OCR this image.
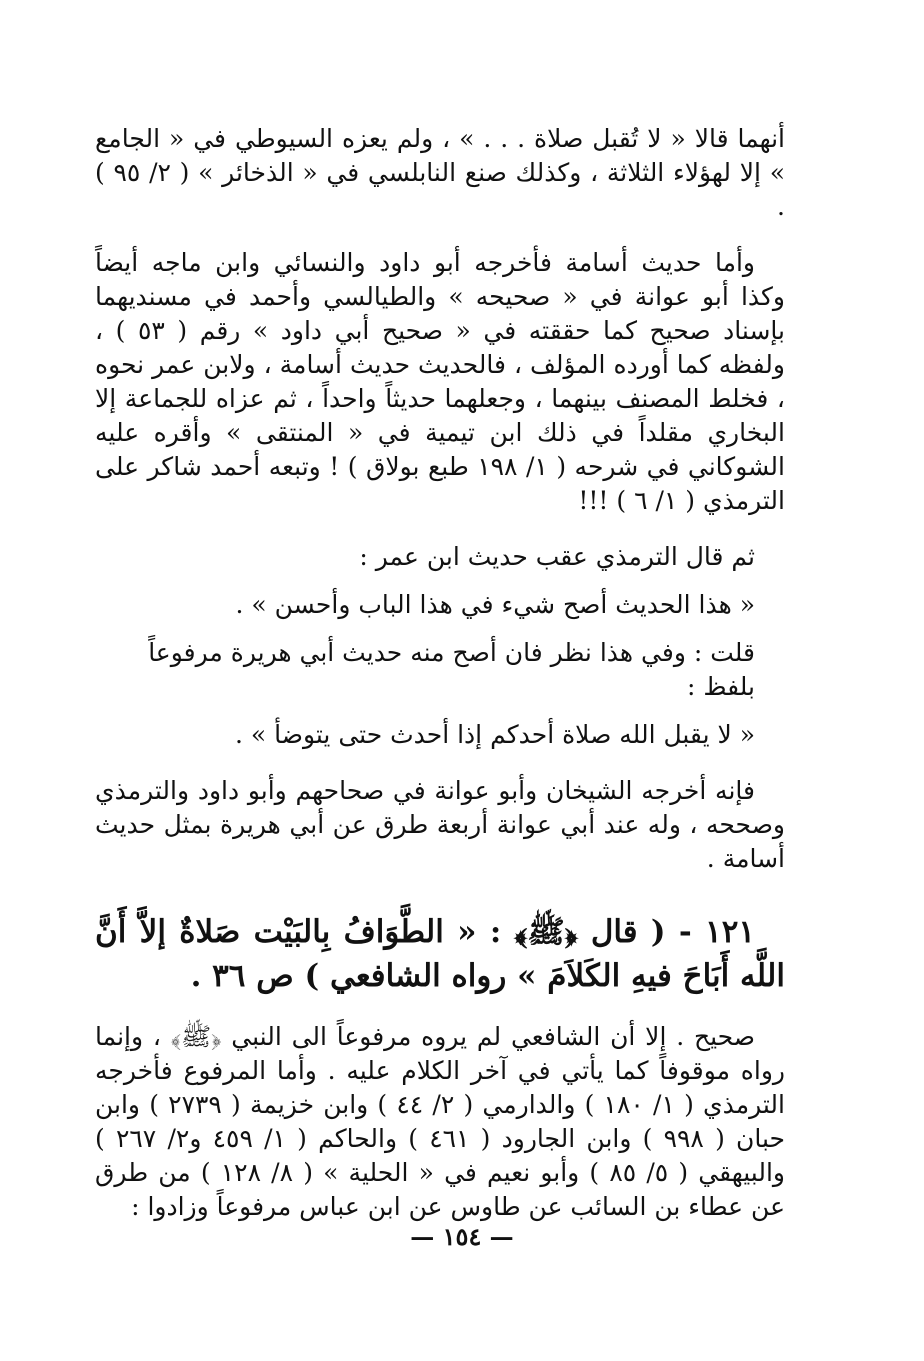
أنهما قالا « لا تُقبل صلاة . . . » ، ولم يعزه السيوطي في « الجامع » إلا لهؤلاء الثلاثة ، وكذلك صنع النابلسي في « الذخائر » ( ٢/ ٩٥ ) .

وأما حديث أسامة فأخرجه أبو داود والنسائي وابن ماجه أيضاً وكذا أبو عوانة في « صحيحه » والطيالسي وأحمد في مسنديهما بإسناد صحيح كما حققته في « صحيح أبي داود » رقم ( ٥٣ ) ، ولفظه كما أورده المؤلف ، فالحديث حديث أسامة ، ولابن عمر نحوه ، فخلط المصنف بينهما ، وجعلهما حديثاً واحداً ، ثم عزاه للجماعة إلا البخاري مقلداً في ذلك ابن تيمية في « المنتقى » وأقره عليه الشوكاني في شرحه ( ١/ ١٩٨ طبع بولاق ) ! وتبعه أحمد شاكر على الترمذي ( ١/ ٦ ) !!!

ثم قال الترمذي عقب حديث ابن عمر :

« هذا الحديث أصح شيء في هذا الباب وأحسن » .

قلت : وفي هذا نظر فان أصح منه حديث أبي هريرة مرفوعاً بلفظ :

« لا يقبل الله صلاة أحدكم إذا أحدث حتى يتوضأ » .

فإنه أخرجه الشيخان وأبو عوانة في صحاحهم وأبو داود والترمذي وصححه ، وله عند أبي عوانة أربعة طرق عن أبي هريرة بمثل حديث أسامة .

١٢١ - ( قال ﴿ﷺ﴾ : « الطَّوَافُ بِالبَيْت صَلاةٌ إلاَّ أَنَّ اللَّه أَبَاحَ فيهِ الكَلاَمَ » رواه الشافعي ) ص ٣٦ .

صحيح . إلا أن الشافعي لم يروه مرفوعاً الى النبي ﴿ﷺ﴾ ، وإنما رواه موقوفاً كما يأتي في آخر الكلام عليه . وأما المرفوع فأخرجه الترمذي ( ١/ ١٨٠ ) والدارمي ( ٢/ ٤٤ ) وابن خزيمة ( ٢٧٣٩ ) وابن حبان ( ٩٩٨ ) وابن الجارود ( ٤٦١ ) والحاكم ( ١/ ٤٥٩ و٢/ ٢٦٧ ) والبيهقي ( ٥/ ٨٥ ) وأبو نعيم في « الحلية » ( ٨/ ١٢٨ ) من طرق عن عطاء بن السائب عن طاوس عن ابن عباس مرفوعاً وزادوا :

— ١٥٤ —
